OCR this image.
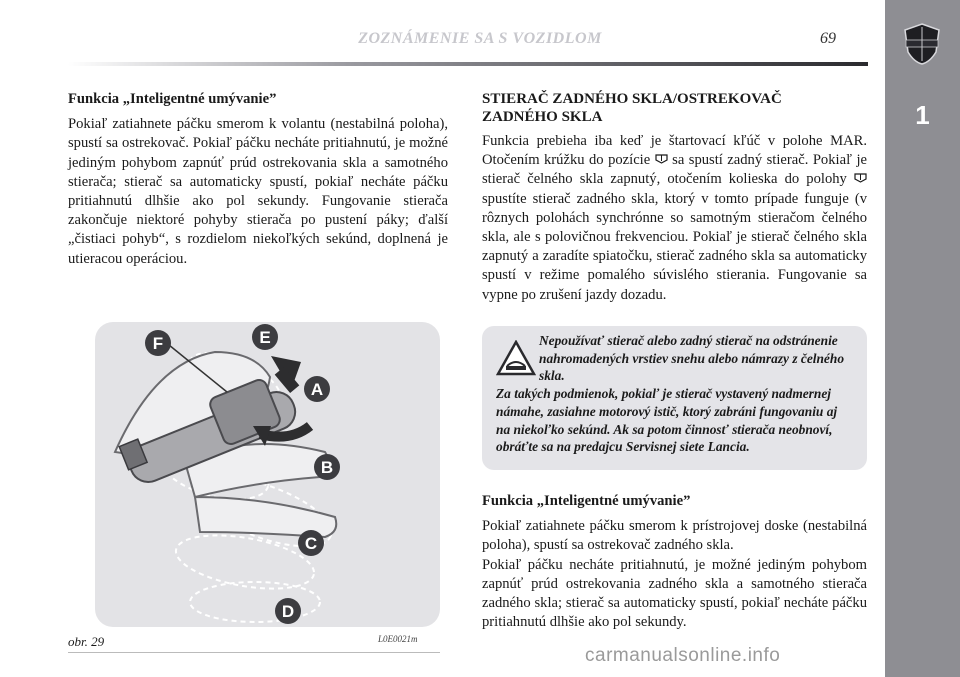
ZOZNÁMENIE SA S VOZIDLOM	69
1

Funkcia „Inteligentné umývanie”

Pokiaľ zatiahnete páčku smerom k volantu (nestabilná poloha), spustí sa ostrekovač. Pokiaľ páčku necháte pritiahnutú, je možné jediným pohybom zapnúť prúd ostrekovania skla a samotného stierača; stierač sa automaticky spustí, pokiaľ necháte páčku pritiahnutú dlhšie ako pol sekundy. Fungovanie stierača zakončuje niektoré pohyby stierača po pustení páky; ďalší „čistiaci pohyb“, s rozdielom niekoľkých sekúnd, doplnená je utieracou operáciou.

F	E
A
B
C
D
obr. 29	L0E0021m

STIERAČ ZADNÉHO SKLA/OSTREKOVAČ
ZADNÉHO SKLA

Funkcia prebieha iba keď je štartovací kľúč v polohe MAR. Otočením krúžku do pozície sa spustí zadný stierač. Pokiaľ je stierač čelného skla zapnutý, otočením kolieska do polohy  spustíte stierač zadného skla, ktorý v tomto prípade funguje (v rôznych polohách synchrónne so samotným stieračom čelného skla, ale s polovičnou frekvenciou. Pokiaľ je stierač čelného skla zapnutý a zaradíte spiatočku, stierač zadného skla sa automaticky spustí v režime pomalého súvislého stierania. Fungovanie sa vypne po zrušení jazdy dozadu.

Nepoužívať stierač alebo zadný stierač na odstránenie nahromadených vrstiev snehu alebo námrazy z čelného skla.
Za takých podmienok, pokiaľ je stierač vystavený nadmernej námahe, zasiahne motorový istič, ktorý zabráni fungovaniu aj na niekoľko sekúnd. Ak sa potom činnosť stierača neobnoví, obráťte sa na predajcu Servisnej siete Lancia.

Funkcia „Inteligentné umývanie”

Pokiaľ zatiahnete páčku smerom k prístrojovej doske (nestabilná poloha), spustí sa ostrekovač zadného skla.

Pokiaľ páčku necháte pritiahnutú, je možné jediným pohybom zapnúť prúd ostrekovania zadného skla a samotného stierača zadného skla; stierač sa automaticky spustí, pokiaľ necháte páčku pritiahnutú dlhšie ako pol sekundy.

carmanualsonline.info
